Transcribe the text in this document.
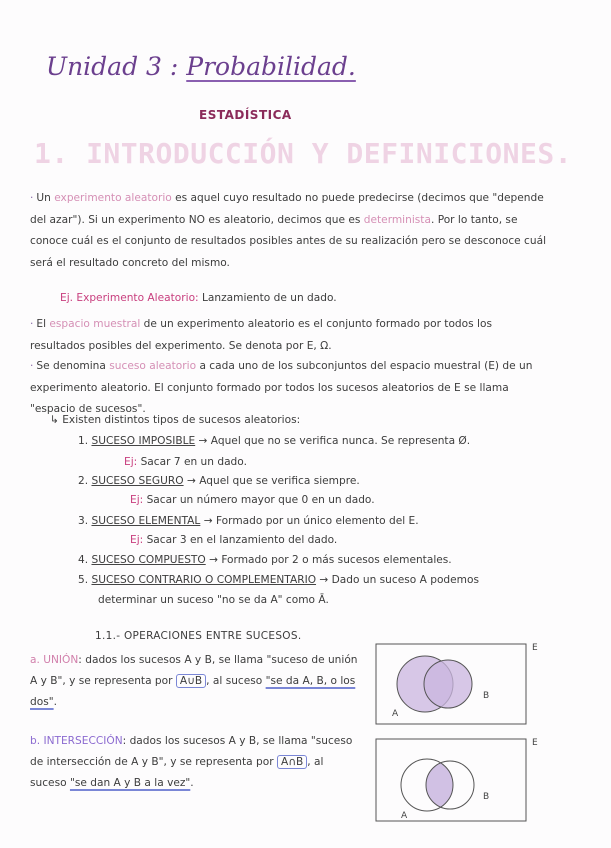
Unidad 3 : Probabilidad.
ESTADÍSTICA
1. INTRODUCCIÓN Y DEFINICIONES.

· Un experimento aleatorio es aquel cuyo resultado no puede predecirse (decimos que "depende del azar"). Si un experimento NO es aleatorio, decimos que es determinista. Por lo tanto, se conoce cuál es el conjunto de resultados posibles antes de su realización pero se desconoce cuál será el resultado concreto del mismo.

Ej. Experimento Aleatorio: Lanzamiento de un dado.

· El espacio muestral de un experimento aleatorio es el conjunto formado por todos los resultados posibles del experimento. Se denota por E, Ω.

· Se denomina suceso aleatorio a cada uno de los subconjuntos del espacio muestral (E) de un experimento aleatorio. El conjunto formado por todos los sucesos aleatorios de E se llama "espacio de sucesos".

↳ Existen distintos tipos de sucesos aleatorios:
1. SUCESO IMPOSIBLE → Aquel que no se verifica nunca. Se representa Ø.
Ej: Sacar 7 en un dado.
2. SUCESO SEGURO → Aquel que se verifica siempre.
Ej: Sacar un número mayor que 0 en un dado.
3. SUCESO ELEMENTAL → Formado por un único elemento del E.
Ej: Sacar 3 en el lanzamiento del dado.
4. SUCESO COMPUESTO → Formado por 2 o más sucesos elementales.
5. SUCESO CONTRARIO O COMPLEMENTARIO → Dado un suceso A podemos
determinar un suceso "no se da A" como Ā.
1.1.- OPERACIONES ENTRE SUCESOS.

a. UNIÓN: dados los sucesos A y B, se llama "suceso de unión A y B", y se representa por A∪B , al suceso "se da A, B, o los dos".

b. INTERSECCIÓN: dados los sucesos A y B, se llama "suceso de intersección de A y B", y se representa por A∩B , al suceso "se dan A y B a la vez".

E
A
B
E
A
B
